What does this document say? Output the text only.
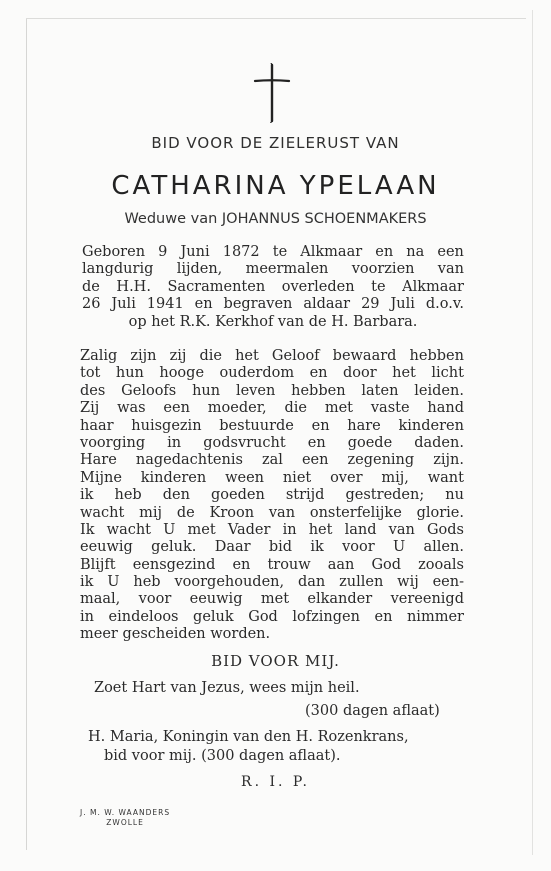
BID VOOR DE ZIELERUST VAN
CATHARINA YPELAAN
Weduwe van JOHANNUS SCHOENMAKERS

Geboren 9 Juni 1872 te Alkmaar en na een

langdurig lijden, meermalen voorzien van

de H.H. Sacramenten overleden te Alkmaar

26 Juli 1941 en begraven aldaar 29 Juli d.o.v.

op het R.K. Kerkhof van de H. Barbara.

Zalig zijn zij die het Geloof bewaard hebben

tot hun hooge ouderdom en door het licht

des Geloofs hun leven hebben laten leiden.

Zij was een moeder, die met vaste hand

haar huisgezin bestuurde en hare kinderen

voorging in godsvrucht en goede daden.

Hare nagedachtenis zal een zegening zijn.

Mijne kinderen ween niet over mij, want

ik heb den goeden strijd gestreden; nu

wacht mij de Kroon van onsterfelijke glorie.

Ik wacht U met Vader in het land van Gods

eeuwig geluk. Daar bid ik voor U allen.

Blijft eensgezind en trouw aan God zooals

ik U heb voorgehouden, dan zullen wij een-

maal, voor eeuwig met elkander vereenigd

in eindeloos geluk God lofzingen en nimmer

meer gescheiden worden.

BID VOOR MIJ.
Zoet Hart van Jezus, wees mijn heil.
(300 dagen aflaat)
H. Maria, Koningin van den H. Rozenkrans,
bid voor mij. (300 dagen aflaat).
R. I. P.
J. M. W. WAANDERS
ZWOLLE
